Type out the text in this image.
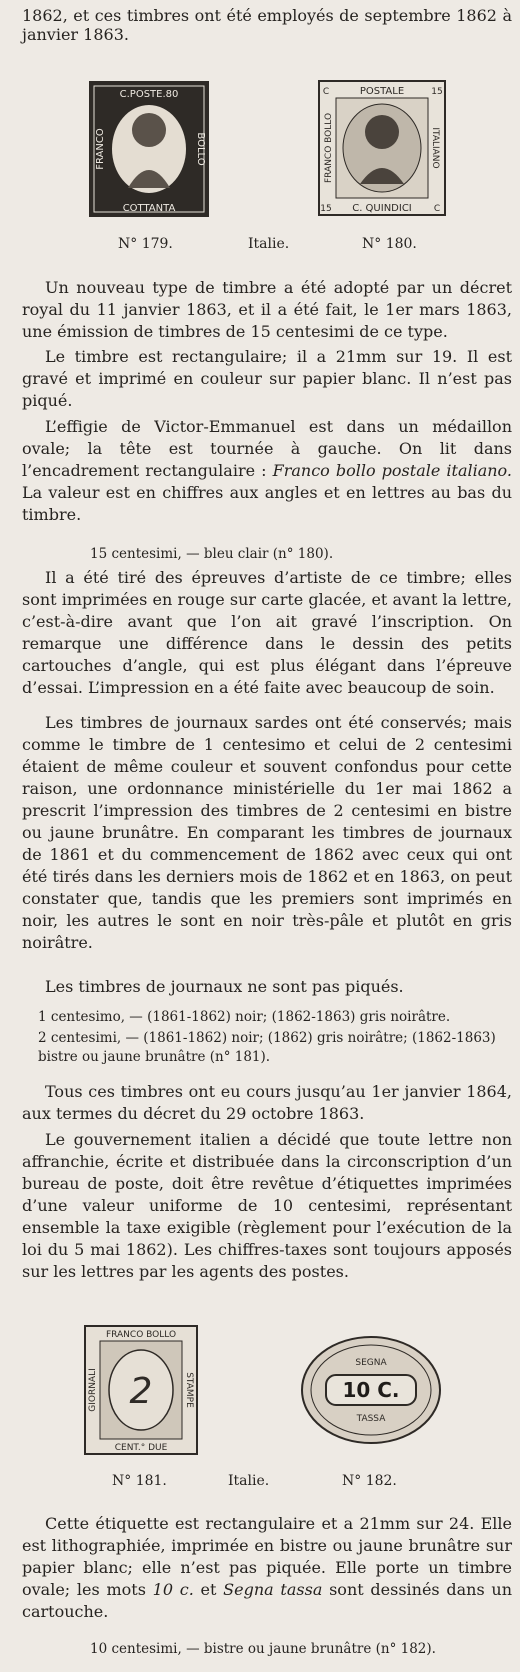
1862, et ces timbres ont été employés de septembre 1862 à janvier 1863.
C.POSTE.80
COTTANTA
FRANCO	BOLLO
POSTALE
C. QUINDICI
FRANCO BOLLO	ITALIANO
C	15
15	C
N° 179.	Italie.	N° 180.
Un nouveau type de timbre a été adopté par un décret royal du 11 janvier 1863, et il a été fait, le 1er mars 1863, une émission de timbres de 15 centesimi de ce type.
Le timbre est rectangulaire; il a 21mm sur 19. Il est gravé et imprimé en couleur sur papier blanc. Il n’est pas piqué.
L’effigie de Victor-Emmanuel est dans un médaillon ovale; la tête est tournée à gauche. On lit dans l’encadrement rectangulaire : Franco bollo postale italiano. La valeur est en chiffres aux angles et en lettres au bas du timbre.
15 centesimi, — bleu clair (n° 180).
Il a été tiré des épreuves d’artiste de ce timbre; elles sont imprimées en rouge sur carte glacée, et avant la lettre, c’est-à-dire avant que l’on ait gravé l’inscription. On remarque une différence dans le dessin des petits cartouches d’angle, qui est plus élégant dans l’épreuve d’essai. L’impression en a été faite avec beaucoup de soin.
Les timbres de journaux sardes ont été conservés; mais comme le timbre de 1 centesimo et celui de 2 centesimi étaient de même couleur et souvent confondus pour cette raison, une ordonnance ministérielle du 1er mai 1862 a prescrit l’impression des timbres de 2 centesimi en bistre ou jaune brunâtre. En comparant les timbres de journaux de 1861 et du commencement de 1862 avec ceux qui ont été tirés dans les derniers mois de 1862 et en 1863, on peut constater que, tandis que les premiers sont imprimés en noir, les autres le sont en noir très-pâle et plutôt en gris noirâtre.
Les timbres de journaux ne sont pas piqués.
1 centesimo, — (1861-1862) noir; (1862-1863) gris noirâtre.
2 centesimi, — (1861-1862) noir; (1862) gris noirâtre; (1862-1863) bistre ou jaune brunâtre (n° 181).
Tous ces timbres ont eu cours jusqu’au 1er janvier 1864, aux termes du décret du 29 octobre 1863.
Le gouvernement italien a décidé que toute lettre non affranchie, écrite et distribuée dans la circonscription d’un bureau de poste, doit être revêtue d’étiquettes imprimées d’une valeur uniforme de 10 centesimi, représentant ensemble la taxe exigible (règlement pour l’exécution de la loi du 5 mai 1862). Les chiffres-taxes sont toujours apposés sur les lettres par les agents des postes.
2
FRANCO BOLLO
CENT.° DUE
GIORNALI	STAMPE	10 C.
SEGNA
TASSA
N° 181.	Italie.	N° 182.
Cette étiquette est rectangulaire et a 21mm sur 24. Elle est lithographiée, imprimée en bistre ou jaune brunâtre sur papier blanc; elle n’est pas piquée. Elle porte un timbre ovale; les mots 10 c. et Segna tassa sont dessinés dans un cartouche.
10 centesimi, — bistre ou jaune brunâtre (n° 182).
